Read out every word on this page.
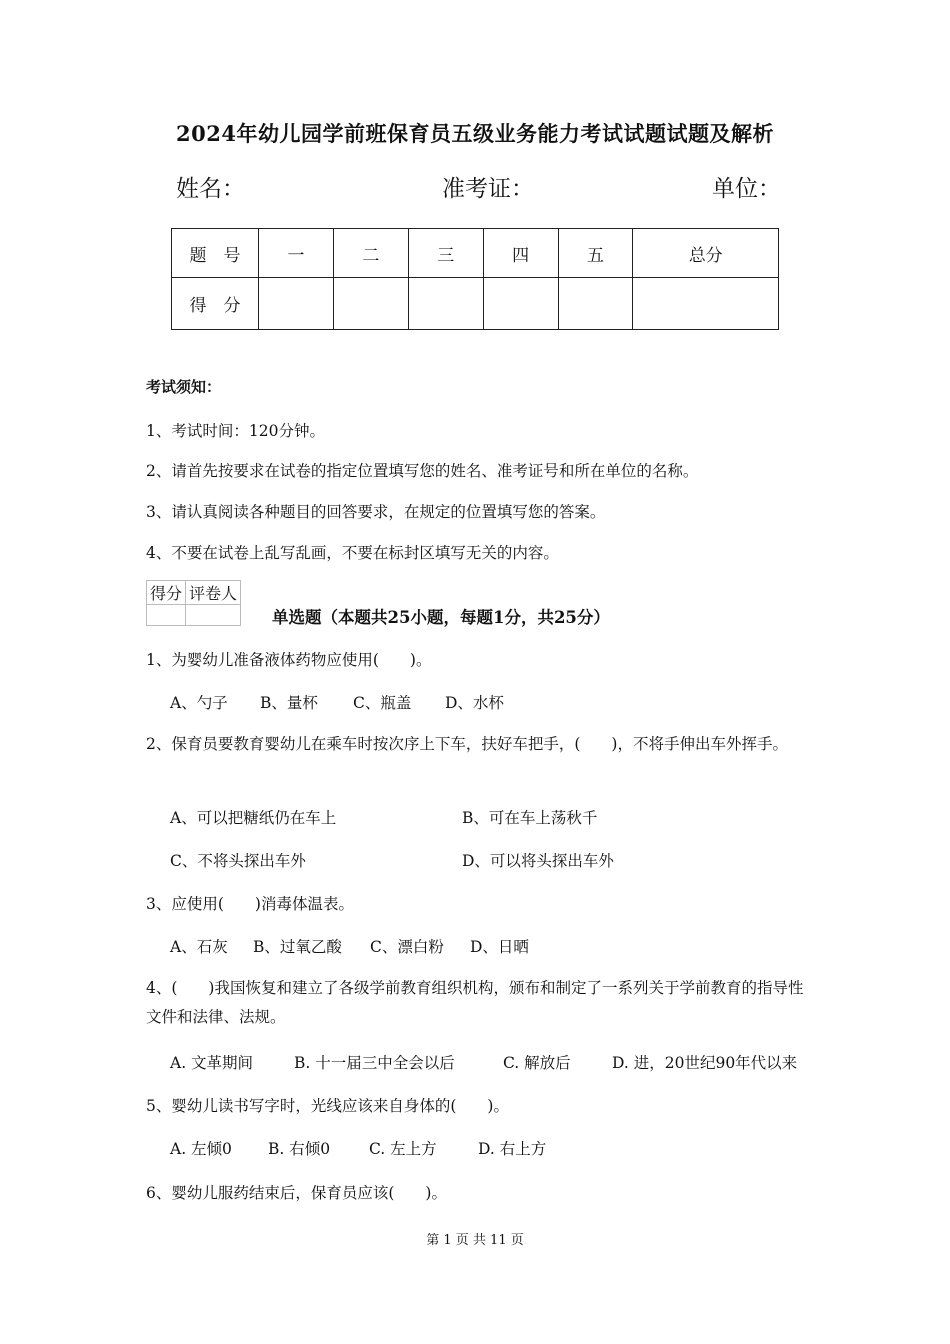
2024年幼儿园学前班保育员五级业务能力考试试题试题及解析
姓名：	准考证：	单位：
题　号	一	二	三	四	五	总分
得　分						
考试须知：
1、考试时间：120分钟。
2、请首先按要求在试卷的指定位置填写您的姓名、准考证号和所在单位的名称。
3、请认真阅读各种题目的回答要求，在规定的位置填写您的答案。
4、不要在试卷上乱写乱画，不要在标封区填写无关的内容。
得分	评卷人

单选题（本题共25小题，每题1分，共25分）
1、为婴幼儿准备液体药物应使用(　　)。
A、勺子 B、量杯 C、瓶盖 D、水杯
2、保育员要教育婴幼儿在乘车时按次序上下车，扶好车把手，(　　)，不将手伸出车外挥手。
A、可以把糖纸仍在车上	B、可在车上荡秋千
C、不将头探出车外	D、可以将头探出车外
3、应使用(　　)消毒体温表。
A、石灰 B、过氧乙酸 C、漂白粉 D、日晒
4、(　　)我国恢复和建立了各级学前教育组织机构，颁布和制定了一系列关于学前教育的指导性文件和法律、法规。
A. 文革期间	B. 十一届三中全会以后	C. 解放后	D. 进，20世纪90年代以来
5、婴幼儿读书写字时，光线应该来自身体的(　　)。
A. 左倾0 B. 右倾0	C. 左上方	D. 右上方
6、婴幼儿服药结束后，保育员应该(　　)。
第 1 页 共 11 页
